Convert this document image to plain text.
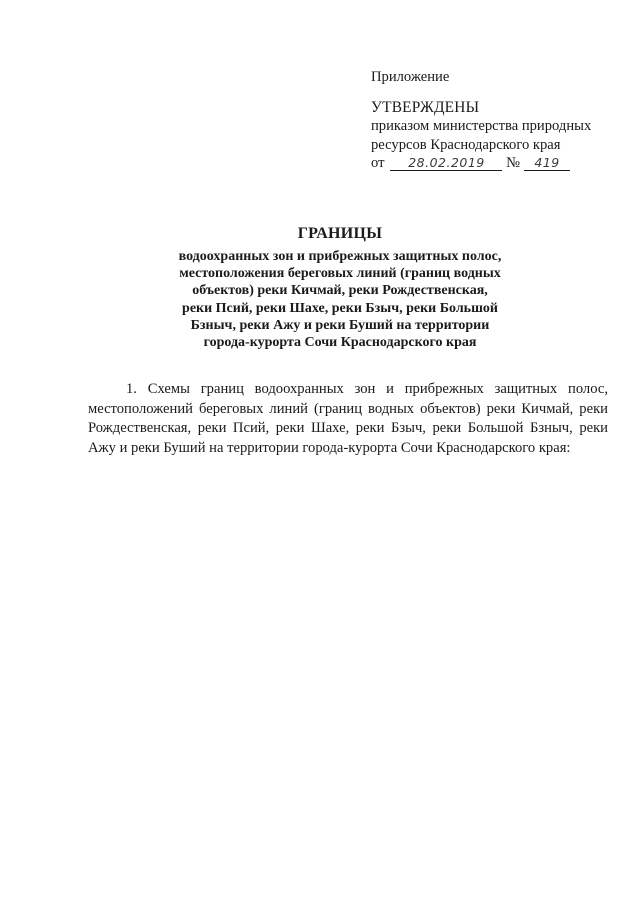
Приложение

УТВЕРЖДЕНЫ

приказом министерства природных

ресурсов Краснодарского края

от 28.02.2019 № 419

ГРАНИЦЫ

водоохранных зон и прибрежных защитных полос,

местоположения береговых линий (границ водных

объектов) реки Кичмай, реки Рождественская,

реки Псий, реки Шахе, реки Бзыч, реки Большой

Бзныч, реки Ажу и реки Буший на территории

города-курорта Сочи Краснодарского края

1. Схемы границ водоохранных зон и прибрежных защитных полос, местоположений береговых линий (границ водных объектов) реки Кичмай, реки Рождественская, реки Псий, реки Шахе, реки Бзыч, реки Большой Бзныч, реки Ажу и реки Буший на территории города-курорта Сочи Краснодарского края:
